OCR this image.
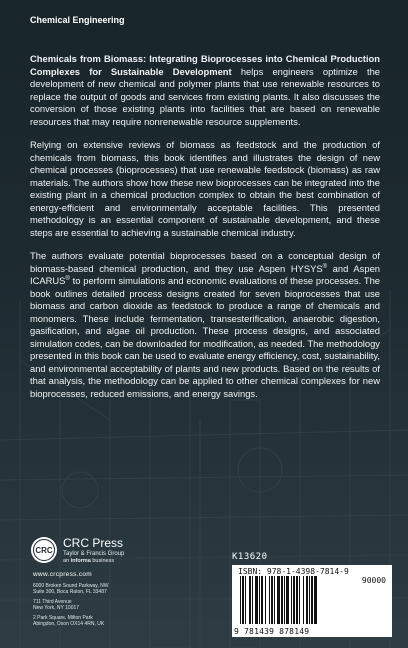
Chemical Engineering

Chemicals from Biomass: Integrating Bioprocesses into Chemical Production Complexes for Sustainable Development helps engineers optimize the development of new chemical and polymer plants that use renewable resources to replace the output of goods and services from existing plants. It also discusses the conversion of those existing plants into facilities that are based on renewable resources that may require nonrenewable resource supplements.

Relying on extensive reviews of biomass as feedstock and the production of chemicals from biomass, this book identifies and illustrates the design of new chemical processes (bioprocesses) that use renewable feedstock (biomass) as raw materials. The authors show how these new bioprocesses can be integrated into the existing plant in a chemical production complex to obtain the best combination of energy-efficient and environmentally acceptable facilities. This presented methodology is an essential component of sustainable development, and these steps are essential to achieving a sustainable chemical industry.

The authors evaluate potential bioprocesses based on a conceptual design of biomass-based chemical production, and they use Aspen HYSYS® and Aspen ICARUS® to perform simulations and economic evaluations of these processes. The book outlines detailed process designs created for seven bioprocesses that use biomass and carbon dioxide as feedstock to produce a range of chemicals and monomers. These include fermentation, transesterification, anaerobic digestion, gasification, and algae oil production. These process designs, and associated simulation codes, can be downloaded for modification, as needed. The methodology presented in this book can be used to evaluate energy efficiency, cost, sustainability, and environmental acceptability of plants and new products. Based on the results of that analysis, the methodology can be applied to other chemical complexes for new bioprocesses, reduced emissions, and energy savings.

CRC
CRC Press
Taylor & Francis Group
an informa business
www.crcpress.com
6000 Broken Sound Parkway, NW
Suite 300, Boca Raton, FL 33487
711 Third Avenue
New York, NY 10017
2 Park Square, Milton Park
Abingdon, Oxon OX14 4RN, UK
K13620
ISBN: 978-1-4398-7814-9
90000
9 781439 878149
